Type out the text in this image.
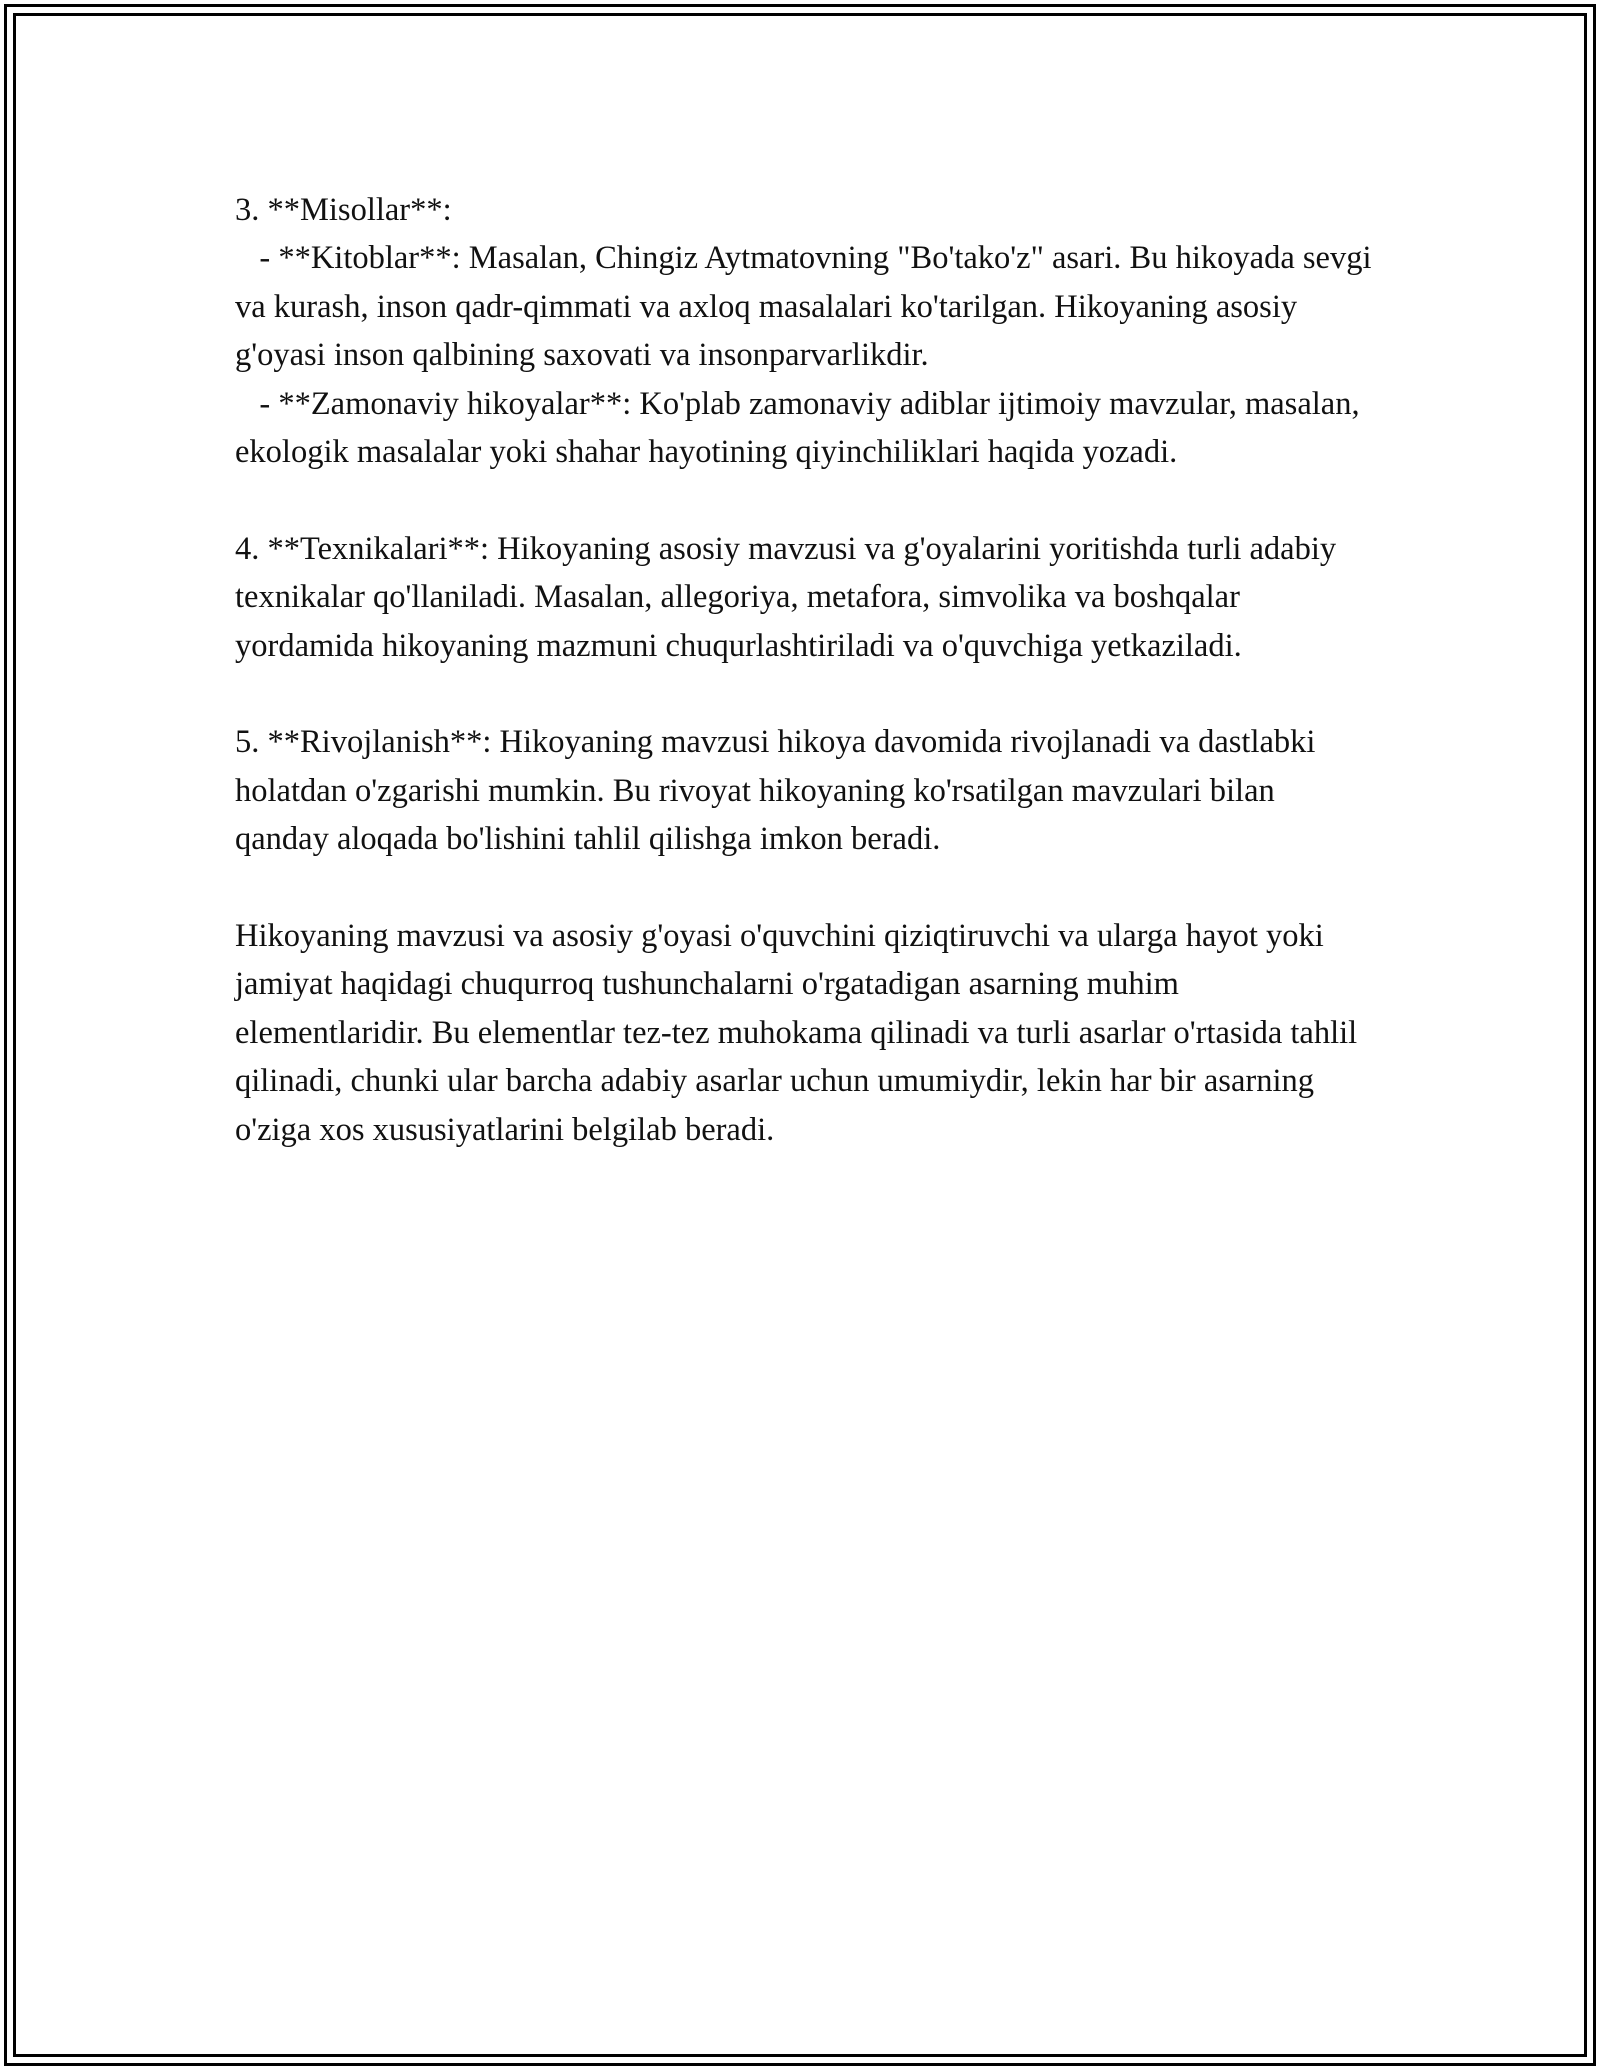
3. **Misollar**:
- **Kitoblar**: Masalan, Chingiz Aytmatovning "Bo'tako'z" asari. Bu hikoyada sevgi va kurash, inson qadr-qimmati va axloq masalalari ko'tarilgan. Hikoyaning asosiy g'oyasi inson qalbining saxovati va insonparvarlikdir.
- **Zamonaviy hikoyalar**: Ko'plab zamonaviy adiblar ijtimoiy mavzular, masalan, ekologik masalalar yoki shahar hayotining qiyinchiliklari haqida yozadi.

4. **Texnikalari**: Hikoyaning asosiy mavzusi va g'oyalarini yoritishda turli adabiy texnikalar qo'llaniladi. Masalan, allegoriya, metafora, simvolika va boshqalar yordamida hikoyaning mazmuni chuqurlashtiriladi va o'quvchiga yetkaziladi.

5. **Rivojlanish**: Hikoyaning mavzusi hikoya davomida rivojlanadi va dastlabki holatdan o'zgarishi mumkin. Bu rivoyat hikoyaning ko'rsatilgan mavzulari bilan qanday aloqada bo'lishini tahlil qilishga imkon beradi.

Hikoyaning mavzusi va asosiy g'oyasi o'quvchini qiziqtiruvchi va ularga hayot yoki jamiyat haqidagi chuqurroq tushunchalarni o'rgatadigan asarning muhim elementlaridir. Bu elementlar tez-tez muhokama qilinadi va turli asarlar o'rtasida tahlil qilinadi, chunki ular barcha adabiy asarlar uchun umumiydir, lekin har bir asarning o'ziga xos xususiyatlarini belgilab beradi.
